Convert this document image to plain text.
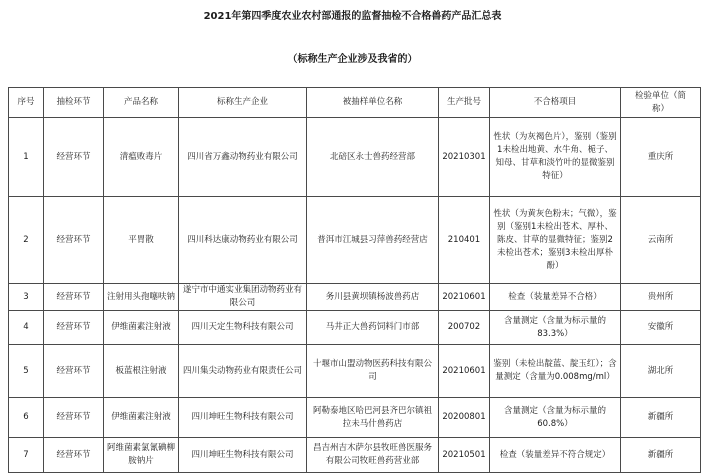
2021年第四季度农业农村部通报的监督抽检不合格兽药产品汇总表
（标称生产企业涉及我省的）
序号	抽检环节	产品名称	标称生产企业	被抽样单位名称	生产批号	不合格项目	检验单位（简称）
1	经营环节	清瘟败毒片	四川省万鑫动物药业有限公司	北碚区永士兽药经营部	20210301	性状（为灰褐色片），鉴别（鉴别1未检出地黄、水牛角、栀子、知母、甘草和淡竹叶的显微鉴别特征）	重庆所
2	经营环节	平胃散	四川科达康动物药业有限公司	普洱市江城县习萍兽药经营店	210401	性状（为黄灰色粉末；气微），鉴别（鉴别1未检出苍术、厚朴、陈皮、甘草的显微特征；鉴别2未检出苍术；鉴别3未检出厚朴酚）	云南所
3	经营环节	注射用头孢噻呋钠	遂宁市中通实业集团动物药业有限公司	务川县黄坝镇杨波兽药店	20210601	检查（装量差异不合格）	贵州所
4	经营环节	伊维菌素注射液	四川天定生物科技有限公司	马井正大兽药饲料门市部	200702	含量测定（含量为标示量的83.3%）	安徽所
5	经营环节	板蓝根注射液	四川集尖动物药业有限责任公司	十堰市山盟动物医药科技有限公司	20210601	鉴别（未检出靛蓝、靛玉红）；含量测定（含量为0.008mg/ml）	湖北所
6	经营环节	伊维菌素注射液	四川坤旺生物科技有限公司	阿勒泰地区哈巴河县齐巴尔镇祖拉未马什兽药店	20200801	含量测定（含量为标示量的60.8%）	新疆所
7	经营环节	阿维菌素氯氰碘柳胺钠片	四川坤旺生物科技有限公司	昌吉州吉木萨尔县牧旺兽医服务有限公司牧旺兽药营业部	20210501	检查（装量差异不符合规定）	新疆所
